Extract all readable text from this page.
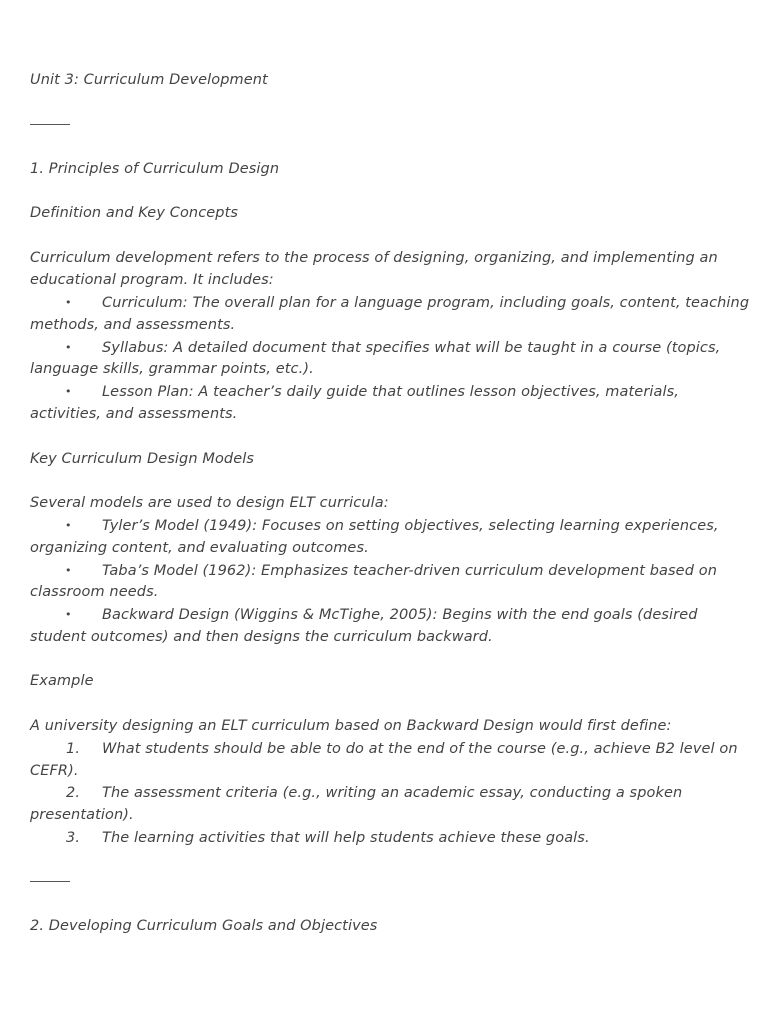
Unit 3: Curriculum Development
1. Principles of Curriculum Design
Definition and Key Concepts
Curriculum development refers to the process of designing, organizing, and implementing an
educational program. It includes:
• Curriculum: The overall plan for a language program, including goals, content, teaching
methods, and assessments.
• Syllabus: A detailed document that specifies what will be taught in a course (topics,
language skills, grammar points, etc.).
• Lesson Plan: A teacher’s daily guide that outlines lesson objectives, materials,
activities, and assessments.
Key Curriculum Design Models
Several models are used to design ELT curricula:
• Tyler’s Model (1949): Focuses on setting objectives, selecting learning experiences,
organizing content, and evaluating outcomes.
• Taba’s Model (1962): Emphasizes teacher-driven curriculum development based on
classroom needs.
• Backward Design (Wiggins & McTighe, 2005): Begins with the end goals (desired
student outcomes) and then designs the curriculum backward.
Example
A university designing an ELT curriculum based on Backward Design would first define:
1. What students should be able to do at the end of the course (e.g., achieve B2 level on
CEFR).
2. The assessment criteria (e.g., writing an academic essay, conducting a spoken
presentation).
3. The learning activities that will help students achieve these goals.
2. Developing Curriculum Goals and Objectives
